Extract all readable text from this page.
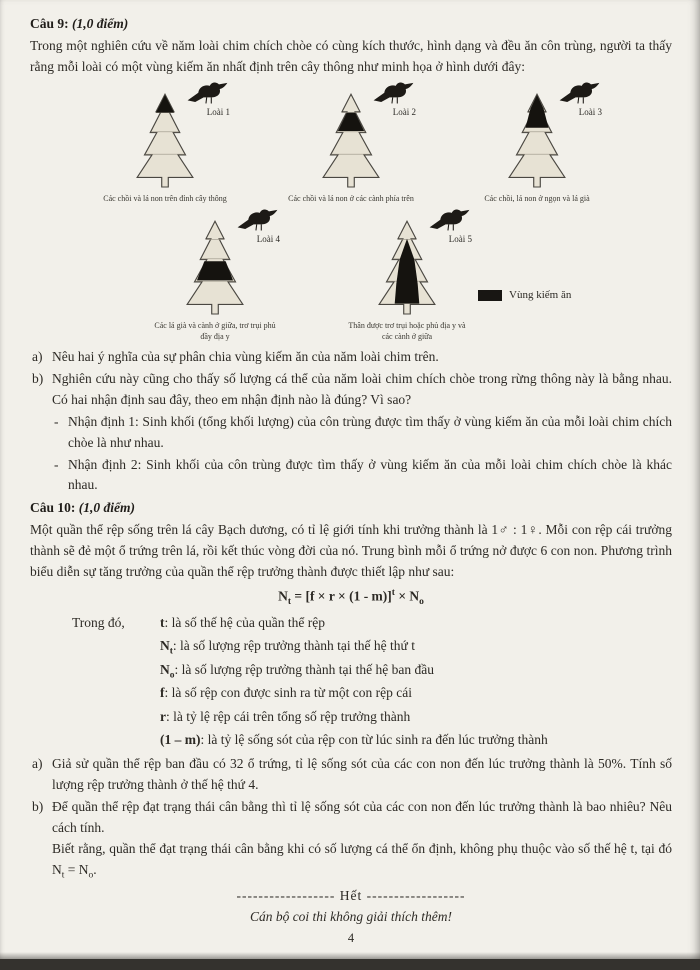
Câu 9: (1,0 điểm)

Trong một nghiên cứu về năm loài chim chích chòe có cùng kích thước, hình dạng và đều ăn côn trùng, người ta thấy rằng mỗi loài có một vùng kiếm ăn nhất định trên cây thông như minh họa ở hình dưới đây:

Loài 1
Các chồi và lá non trên đỉnh cây thông
Loài 2
Các chồi và lá non ở các cành phía trên
Loài 3
Các chồi, lá non ở ngọn và lá già
Loài 4
Các lá già và cành ở giữa, trơ trụi phủ đầy địa y
Loài 5
Thân được trơ trụi hoặc phủ địa y và các cành ở giữa
Vùng kiếm ăn
a) Nêu hai ý nghĩa của sự phân chia vùng kiếm ăn của năm loài chim trên.

b) Nghiên cứu này cũng cho thấy số lượng cá thể của năm loài chim chích chòe trong rừng thông này là bằng nhau. Có hai nhận định sau đây, theo em nhận định nào là đúng? Vì sao?

- Nhận định 1: Sinh khối (tổng khối lượng) của côn trùng được tìm thấy ở vùng kiếm ăn của mỗi loài chim chích chòe là như nhau.

- Nhận định 2: Sinh khối của côn trùng được tìm thấy ở vùng kiếm ăn của mỗi loài chim chích chòe là khác nhau.

Câu 10: (1,0 điểm)

Một quần thể rệp sống trên lá cây Bạch dương, có tỉ lệ giới tính khi trưởng thành là 1♂ : 1♀. Mỗi con rệp cái trưởng thành sẽ đẻ một ổ trứng trên lá, rồi kết thúc vòng đời của nó. Trung bình mỗi ổ trứng nở được 6 con non. Phương trình biểu diễn sự tăng trưởng của quần thể rệp trưởng thành được thiết lập như sau:

$N_t = [f \times r \times (1 - m)]^t \times N_o$
Trong đó,	t: là số thế hệ của quần thể rệp
$N_t$: là số lượng rệp trưởng thành tại thế hệ thứ t
$N_o$: là số lượng rệp trưởng thành tại thế hệ ban đầu
f: là số rệp con được sinh ra từ một con rệp cái
r: là tỷ lệ rệp cái trên tổng số rệp trưởng thành
(1 – m): là tỷ lệ sống sót của rệp con từ lúc sinh ra đến lúc trưởng thành
a) Giả sử quần thể rệp ban đầu có 32 ổ trứng, tỉ lệ sống sót của các con non đến lúc trưởng thành là 50%. Tính số lượng rệp trưởng thành ở thế hệ thứ 4.

b) Để quần thể rệp đạt trạng thái cân bằng thì tỉ lệ sống sót của các con non đến lúc trưởng thành là bao nhiêu? Nêu cách tính.

Biết rằng, quần thể đạt trạng thái cân bằng khi có số lượng cá thể ổn định, không phụ thuộc vào số thế hệ t, tại đó $N_t = N_o$.

------------------ Hết ------------------
Cán bộ coi thi không giải thích thêm!
4
